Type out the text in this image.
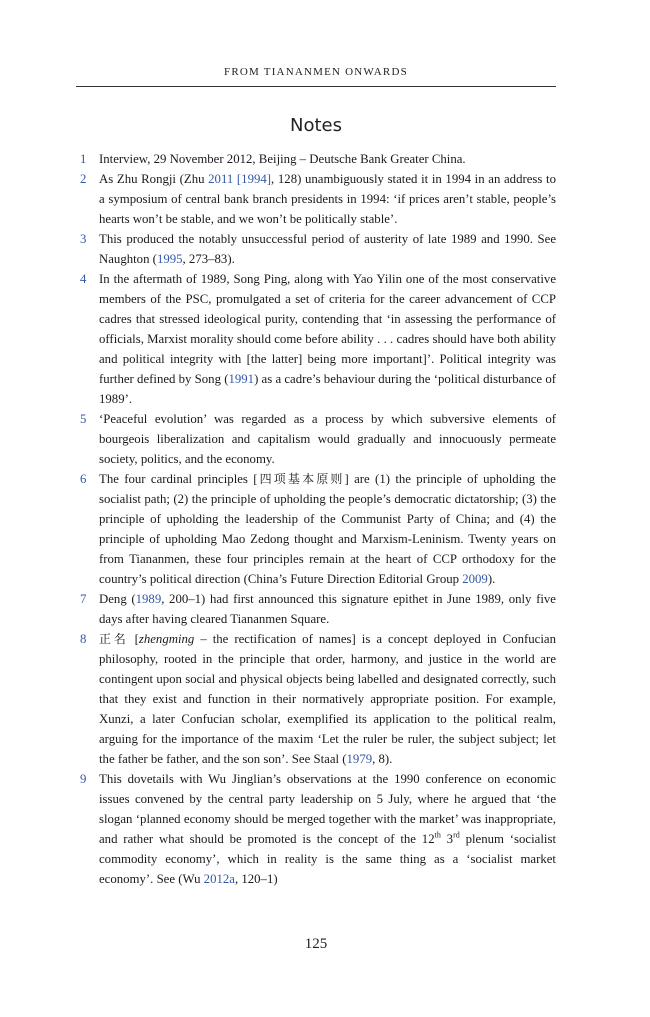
FROM TIANANMEN ONWARDS
Notes
1 Interview, 29 November 2012, Beijing – Deutsche Bank Greater China.
2 As Zhu Rongji (Zhu 2011 [1994], 128) unambiguously stated it in 1994 in an address to a symposium of central bank branch presidents in 1994: ‘if prices aren’t stable, people’s hearts won’t be stable, and we won’t be politically stable’.
3 This produced the notably unsuccessful period of austerity of late 1989 and 1990. See Naughton (1995, 273–83).
4 In the aftermath of 1989, Song Ping, along with Yao Yilin one of the most conservative members of the PSC, promulgated a set of criteria for the career advancement of CCP cadres that stressed ideological purity, contending that ‘in assessing the performance of officials, Marxist morality should come before ability . . . cadres should have both ability and political integrity with [the latter] being more important]’. Political integrity was further defined by Song (1991) as a cadre’s behaviour during the ‘political disturbance of 1989’.
5 ‘Peaceful evolution’ was regarded as a process by which subversive elements of bourgeois liberalization and capitalism would gradually and innocuously permeate society, politics, and the economy.
6 The four cardinal principles [四项基本原则] are (1) the principle of upholding the socialist path; (2) the principle of upholding the people’s democratic dictatorship; (3) the principle of upholding the leadership of the Communist Party of China; and (4) the principle of upholding Mao Zedong thought and Marxism-Leninism. Twenty years on from Tiananmen, these four principles remain at the heart of CCP orthodoxy for the country’s political direction (China’s Future Direction Editorial Group 2009).
7 Deng (1989, 200–1) had first announced this signature epithet in June 1989, only five days after having cleared Tiananmen Square.
8 正名 [zhengming – the rectification of names] is a concept deployed in Confucian philosophy, rooted in the principle that order, harmony, and justice in the world are contingent upon social and physical objects being labelled and designated correctly, such that they exist and function in their normatively appropriate position. For example, Xunzi, a later Confucian scholar, exemplified its application to the political realm, arguing for the importance of the maxim ‘Let the ruler be ruler, the subject subject; let the father be father, and the son son’. See Staal (1979, 8).
9 This dovetails with Wu Jinglian’s observations at the 1990 conference on economic issues convened by the central party leadership on 5 July, where he argued that ‘the slogan ‘planned economy should be merged together with the market’ was inappropriate, and rather what should be promoted is the concept of the 12th 3rd plenum ‘socialist commodity economy’, which in reality is the same thing as a ‘socialist market economy’. See (Wu 2012a, 120–1)
125
